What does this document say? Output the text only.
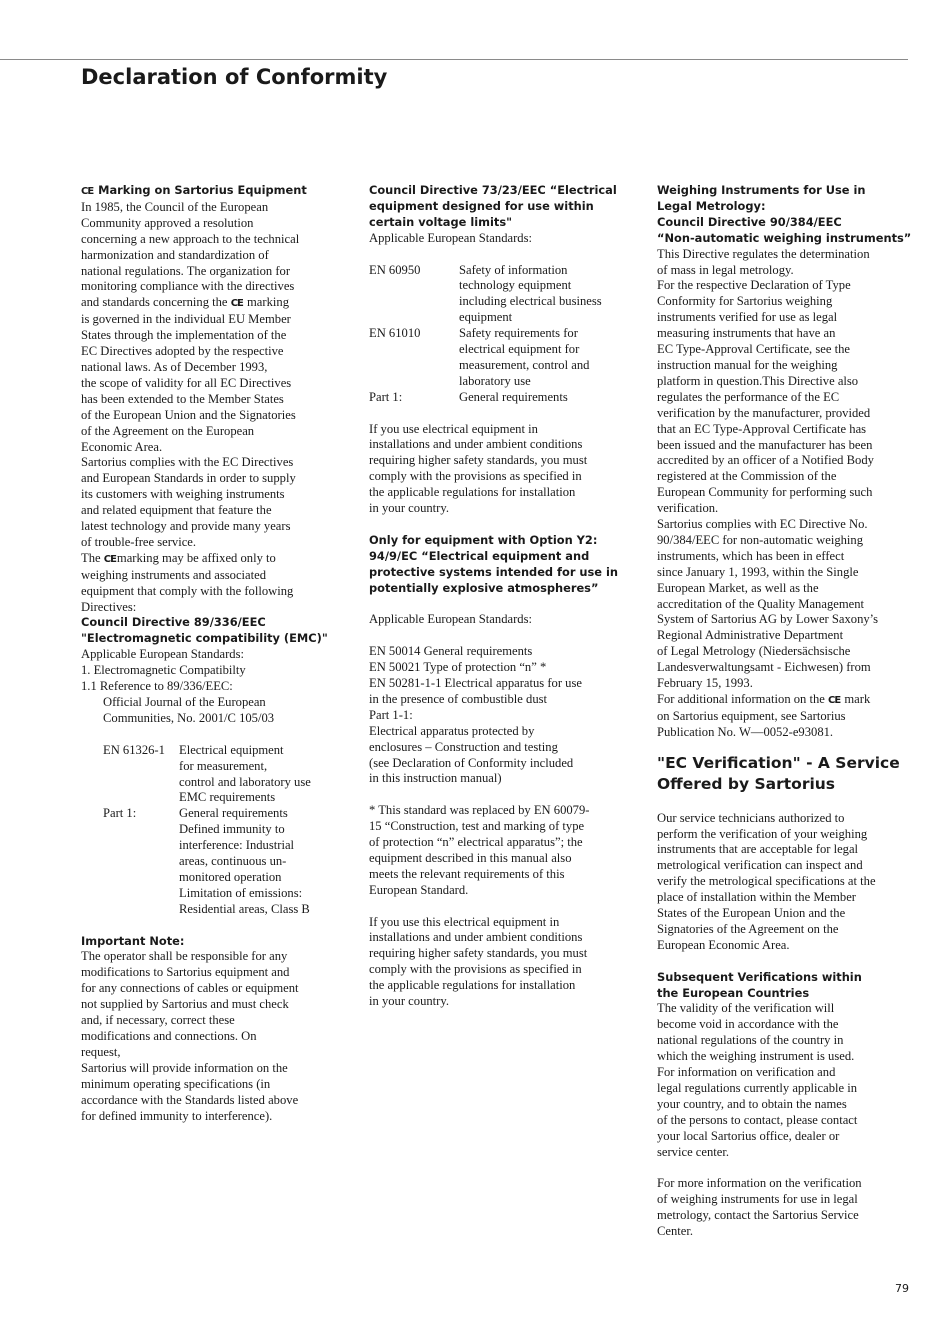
Declaration of Conformity
CE Marking on Sartorius Equipment
In 1985, the Council of the European
Community approved a resolution
concerning a new approach to the technical
harmonization and standardization of
national regulations. The organization for
monitoring compliance with the directives
and standards concerning the CE marking
is governed in the individual EU Member
States through the implementation of the
EC Directives adopted by the respective
national laws. As of December 1993,
the scope of validity for all EC Directives
has been extended to the Member States
of the European Union and the Signatories
of the Agreement on the European
Economic Area.
Sartorius complies with the EC Directives
and European Standards in order to supply
its customers with weighing instruments
and related equipment that feature the
latest technology and provide many years
of trouble-free service.
The CEmarking may be affixed only to
weighing instruments and associated
equipment that comply with the following
Directives:
Council Directive 89/336/EEC
"Electromagnetic compatibility (EMC)"
Applicable European Standards:
1. Electromagnetic Compatibilty
1.1 Reference to 89/336/EEC:
Official Journal of the European
Communities, No. 2001/C 105/03
EN 61326-1	Electrical equipment
for measurement,
control and laboratory use
EMC requirements
Part 1:	General requirements
Defined immunity to
interference: Industrial
areas, continuous un-
monitored operation
Limitation of emissions:
Residential areas, Class B
Important Note:
The operator shall be responsible for any
modifications to Sartorius equipment and
for any connections of cables or equipment
not supplied by Sartorius and must check
and, if necessary, correct these
modifications and connections. On
request,
Sartorius will provide information on the
minimum operating specifications (in
accordance with the Standards listed above
for defined immunity to interference).
Council Directive 73/23/EEC “Electrical
equipment designed for use within
certain voltage limits"
Applicable European Standards:
EN 60950	Safety of information
technology equipment
including electrical business
equipment
EN 61010	Safety requirements for
electrical equipment for
measurement, control and
laboratory use
Part 1:	General requirements
If you use electrical equipment in
installations and under ambient conditions
requiring higher safety standards, you must
comply with the provisions as specified in
the applicable regulations for installation
in your country.
Only for equipment with Option Y2:
94/9/EC “Electrical equipment and
protective systems intended for use in
potentially explosive atmospheres”
Applicable European Standards:
EN 50014 General requirements
EN 50021 Type of protection “n” *
EN 50281-1-1 Electrical apparatus for use
in the presence of combustible dust
Part 1-1:
Electrical apparatus protected by
enclosures – Construction and testing
(see Declaration of Conformity included
in this instruction manual)
* This standard was replaced by EN 60079-
15 “Construction, test and marking of type
of protection “n” electrical apparatus”; the
equipment described in this manual also
meets the relevant requirements of this
European Standard.
If you use this electrical equipment in
installations and under ambient conditions
requiring higher safety standards, you must
comply with the provisions as specified in
the applicable regulations for installation
in your country.
Weighing Instruments for Use in
Legal Metrology:
Council Directive 90/384/EEC
“Non-automatic weighing instruments”
This Directive regulates the determination
of mass in legal metrology.
For the respective Declaration of Type
Conformity for Sartorius weighing
instruments verified for use as legal
measuring instruments that have an
EC Type-Approval Certificate, see the
instruction manual for the weighing
platform in question.This Directive also
regulates the performance of the EC
verification by the manufacturer, provided
that an EC Type-Approval Certificate has
been issued and the manufacturer has been
accredited by an officer of a Notified Body
registered at the Commission of the
European Community for performing such
verification.
Sartorius complies with EC Directive No.
90/384/EEC for non-automatic weighing
instruments, which has been in effect
since January 1, 1993, within the Single
European Market, as well as the
accreditation of the Quality Management
System of Sartorius AG by Lower Saxony’s
Regional Administrative Department
of Legal Metrology (Niedersächsische
Landesverwaltungsamt - Eichwesen) from
February 15, 1993.
For additional information on the CE mark
on Sartorius equipment, see Sartorius
Publication No. W—0052-e93081.
"EC Verification" - A Service
Offered by Sartorius
Our service technicians authorized to
perform the verification of your weighing
instruments that are acceptable for legal
metrological verification can inspect and
verify the metrological specifications at the
place of installation within the Member
States of the European Union and the
Signatories of the Agreement on the
European Economic Area.
Subsequent Verifications within
the European Countries
The validity of the verification will
become void in accordance with the
national regulations of the country in
which the weighing instrument is used.
For information on verification and
legal regulations currently applicable in
your country, and to obtain the names
of the persons to contact, please contact
your local Sartorius office, dealer or
service center.
For more information on the verification
of weighing instruments for use in legal
metrology, contact the Sartorius Service
Center.
79
